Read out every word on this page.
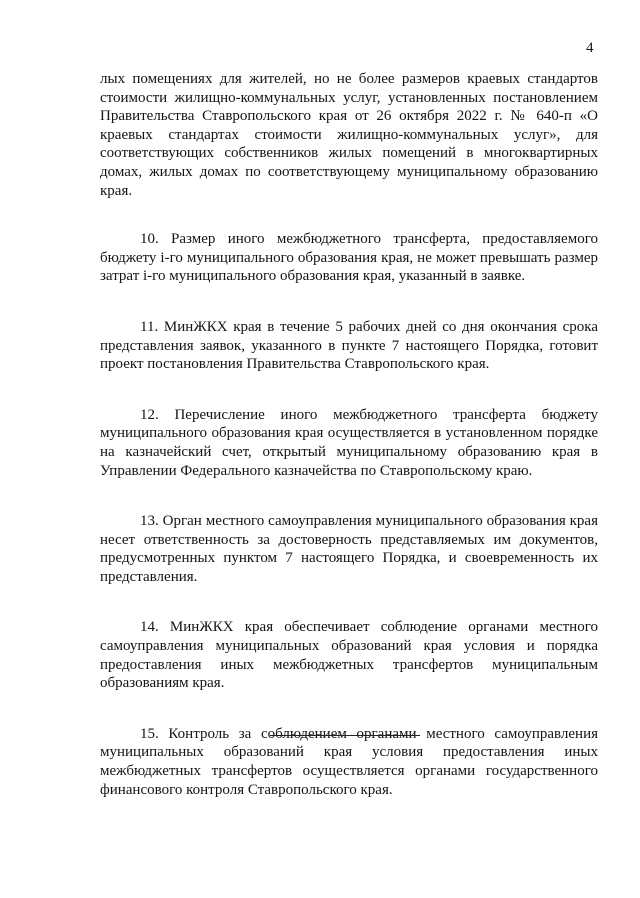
4

лых помещениях для жителей, но не более размеров краевых стандартов стоимости жилищно-коммунальных услуг, установленных постановлением Правительства Ставропольского края от 26 октября 2022 г. № 640-п «О краевых стандартах стоимости жилищно-коммунальных услуг», для соответствующих собственников жилых помещений в многоквартирных домах, жилых домах по соответствующему муниципальному образованию края.

10. Размер иного межбюджетного трансферта, предоставляемого бюджету i-го муниципального образования края, не может превышать размер затрат i-го муниципального образования края, указанный в заявке.

11. МинЖКХ края в течение 5 рабочих дней со дня окончания срока представления заявок, указанного в пункте 7 настоящего Порядка, готовит проект постановления Правительства Ставропольского края.

12. Перечисление иного межбюджетного трансферта бюджету муниципального образования края осуществляется в установленном порядке на казначейский счет, открытый муниципальному образованию края в Управлении Федерального казначейства по Ставропольскому краю.

13. Орган местного самоуправления муниципального образования края несет ответственность за достоверность представляемых им документов, предусмотренных пунктом 7 настоящего Порядка, и своевременность их представления.

14. МинЖКХ края обеспечивает соблюдение органами местного самоуправления муниципальных образований края условия и порядка предоставления иных межбюджетных трансфертов муниципальным образованиям края.

15. Контроль за соблюдением органами местного самоуправления муниципальных образований края условия предоставления иных межбюджетных трансфертов осуществляется органами государственного финансового контроля Ставропольского края.
